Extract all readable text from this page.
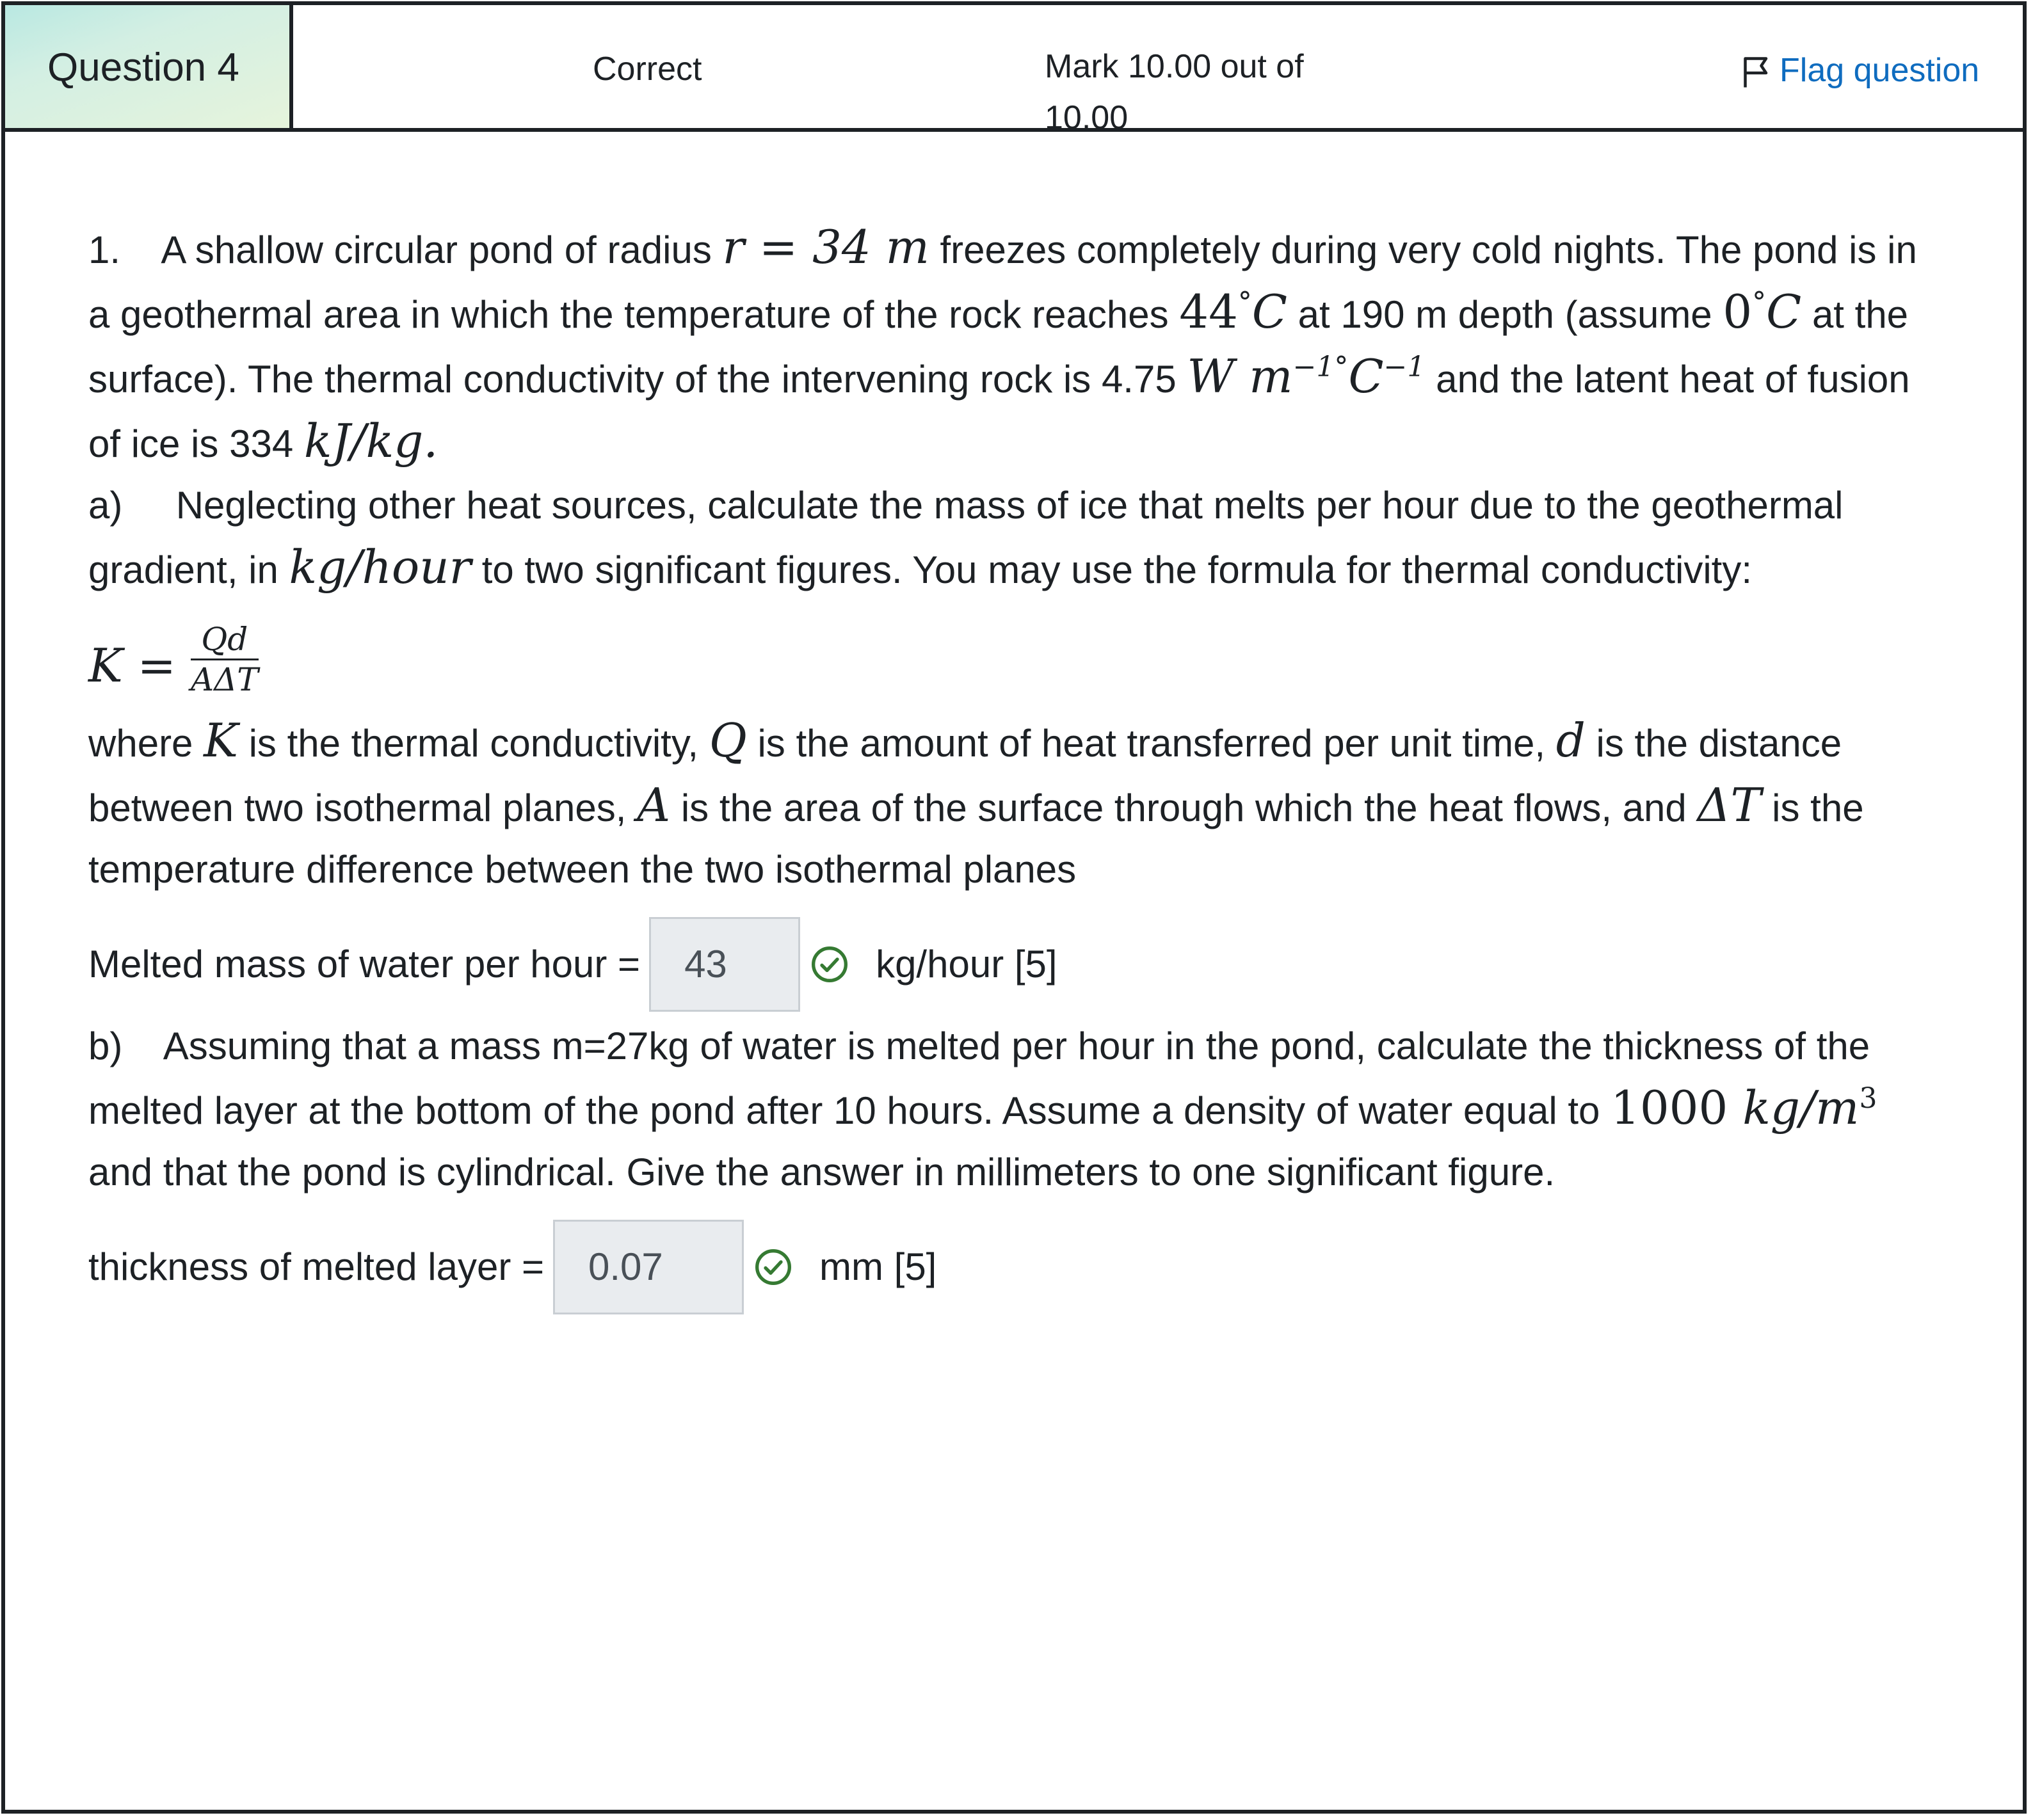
Question 4	Correct	Mark 10.00 out of 10.00
Flag question

1. A shallow circular pond of radius r = 34 m freezes completely during very cold nights. The pond is in a geothermal area in which the temperature of the rock reaches 44°C at 190 m depth (assume 0°C at the surface). The thermal conductivity of the intervening rock is 4.75 W $m^{-1^\circ}C^{-1}$ and the latent heat of fusion of ice is 334 kJ/kg.

a) Neglecting other heat sources, calculate the mass of ice that melts per hour due to the geothermal gradient, in kg/hour to two significant figures. You may use the formula for thermal conductivity:

K = Qd
AΔT

where K is the thermal conductivity, Q is the amount of heat transferred per unit time, d is the distance between two isothermal planes, A is the area of the surface through which the heat flows, and ΔT is the temperature difference between the two isothermal planes

Melted mass of water per hour =	43	kg/hour [5]

b) Assuming that a mass m=27kg of water is melted per hour in the pond, calculate the thickness of the melted layer at the bottom of the pond after 10 hours. Assume a density of water equal to 1000 $kg/m^3$ and that the pond is cylindrical. Give the answer in millimeters to one significant figure.

thickness of melted layer =	0.07	mm [5]
